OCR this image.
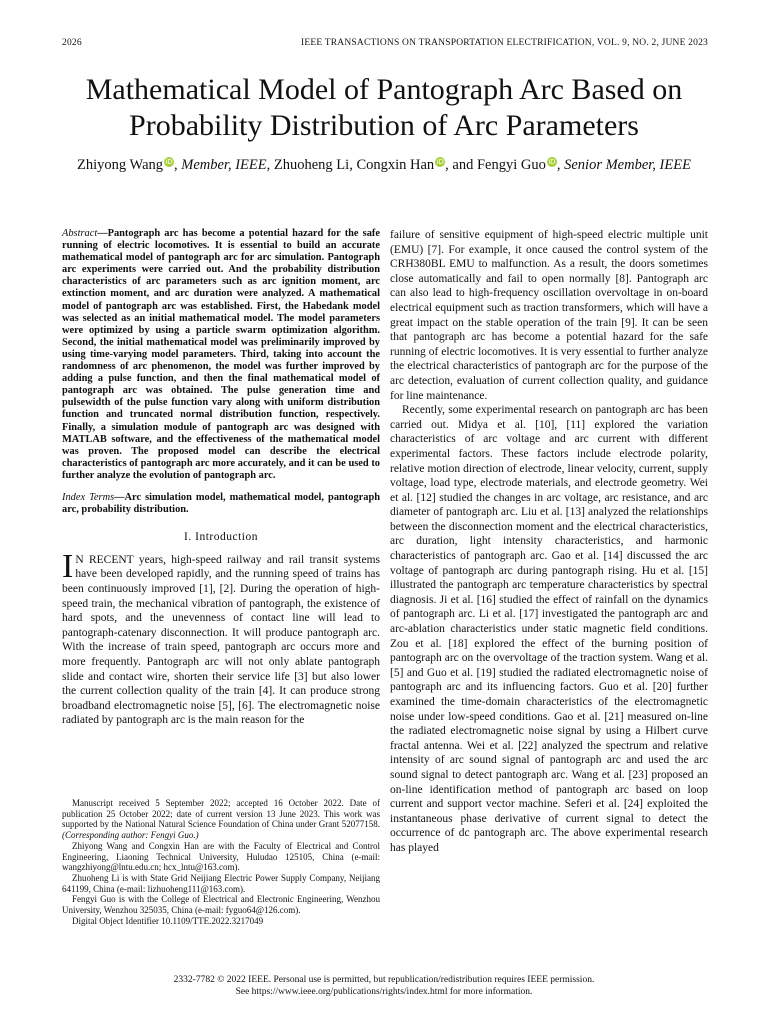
2026	IEEE TRANSACTIONS ON TRANSPORTATION ELECTRIFICATION, VOL. 9, NO. 2, JUNE 2023
Mathematical Model of Pantograph Arc Based on
Probability Distribution of Arc Parameters
Zhiyong Wang iD, Member, IEEE, Zhuoheng Li, Congxin Han iD, and Fengyi Guo iD, Senior Member, IEEE
Abstract—Pantograph arc has become a potential hazard for the safe running of electric locomotives. It is essential to build an accurate mathematical model of pantograph arc for arc simulation. Pantograph arc experiments were carried out. And the probability distribution characteristics of arc parameters such as arc ignition moment, arc extinction moment, and arc duration were analyzed. A mathematical model of pantograph arc was established. First, the Habedank model was selected as an initial mathematical model. The model parameters were optimized by using a particle swarm optimization algorithm. Second, the initial mathematical model was preliminarily improved by using time-varying model parameters. Third, taking into account the randomness of arc phenomenon, the model was further improved by adding a pulse function, and then the final mathematical model of pantograph arc was obtained. The pulse generation time and pulsewidth of the pulse function vary along with uniform distribution function and truncated normal distribution function, respectively. Finally, a simulation module of pantograph arc was designed with MATLAB software, and the effectiveness of the mathematical model was proven. The proposed model can describe the electrical characteristics of pantograph arc more accurately, and it can be used to further analyze the evolution of pantograph arc.
Index Terms—Arc simulation model, mathematical model, pantograph arc, probability distribution.
I. Introduction

I N RECENT years, high-speed railway and rail transit systems have been developed rapidly, and the running speed of trains has been continuously improved [1], [2]. During the operation of high-speed train, the mechanical vibration of pantograph, the existence of hard spots, and the unevenness of contact line will lead to pantograph-catenary disconnection. It will produce pantograph arc. With the increase of train speed, pantograph arc occurs more and more frequently. Pantograph arc will not only ablate pantograph slide and contact wire, shorten their service life [3] but also lower the current collection quality of the train [4]. It can produce strong broadband electromagnetic noise [5], [6]. The electromagnetic noise radiated by pantograph arc is the main reason for the

Manuscript received 5 September 2022; accepted 16 October 2022. Date of publication 25 October 2022; date of current version 13 June 2023. This work was supported by the National Natural Science Foundation of China under Grant 52077158. (Corresponding author: Fengyi Guo.)

Zhiyong Wang and Congxin Han are with the Faculty of Electrical and Control Engineering, Liaoning Technical University, Huludao 125105, China (e-mail: wangzhiyong@lntu.edu.cn; hcx_lntu@163.com).

Zhuoheng Li is with State Grid Neijiang Electric Power Supply Company, Neijiang 641199, China (e-mail: lizhuoheng111@163.com).

Fengyi Guo is with the College of Electrical and Electronic Engineering, Wenzhou University, Wenzhou 325035, China (e-mail: fyguo64@126.com).

Digital Object Identifier 10.1109/TTE.2022.3217049

failure of sensitive equipment of high-speed electric multiple unit (EMU) [7]. For example, it once caused the control system of the CRH380BL EMU to malfunction. As a result, the doors sometimes close automatically and fail to open normally [8]. Pantograph arc can also lead to high-frequency oscillation overvoltage in on-board electrical equipment such as traction transformers, which will have a great impact on the stable operation of the train [9]. It can be seen that pantograph arc has become a potential hazard for the safe running of electric locomotives. It is very essential to further analyze the electrical characteristics of pantograph arc for the purpose of the arc detection, evaluation of current collection quality, and guidance for line maintenance.

Recently, some experimental research on pantograph arc has been carried out. Midya et al. [10], [11] explored the variation characteristics of arc voltage and arc current with different experimental factors. These factors include electrode polarity, relative motion direction of electrode, linear velocity, current, supply voltage, load type, electrode materials, and electrode geometry. Wei et al. [12] studied the changes in arc voltage, arc resistance, and arc diameter of pantograph arc. Liu et al. [13] analyzed the relationships between the disconnection moment and the electrical characteristics, arc duration, light intensity characteristics, and harmonic characteristics of pantograph arc. Gao et al. [14] discussed the arc voltage of pantograph arc during pantograph rising. Hu et al. [15] illustrated the pantograph arc temperature characteristics by spectral diagnosis. Ji et al. [16] studied the effect of rainfall on the dynamics of pantograph arc. Li et al. [17] investigated the pantograph arc and arc-ablation characteristics under static magnetic field conditions. Zou et al. [18] explored the effect of the burning position of pantograph arc on the overvoltage of the traction system. Wang et al. [5] and Guo et al. [19] studied the radiated electromagnetic noise of pantograph arc and its influencing factors. Guo et al. [20] further examined the time-domain characteristics of the electromagnetic noise under low-speed conditions. Gao et al. [21] measured on-line the radiated electromagnetic noise signal by using a Hilbert curve fractal antenna. Wei et al. [22] analyzed the spectrum and relative intensity of arc sound signal of pantograph arc and used the arc sound signal to detect pantograph arc. Wang et al. [23] proposed an on-line identification method of pantograph arc based on loop current and support vector machine. Seferi et al. [24] exploited the instantaneous phase derivative of current signal to detect the occurrence of dc pantograph arc. The above experimental research has played

2332-7782 © 2022 IEEE. Personal use is permitted, but republication/redistribution requires IEEE permission.
See https://www.ieee.org/publications/rights/index.html for more information.
